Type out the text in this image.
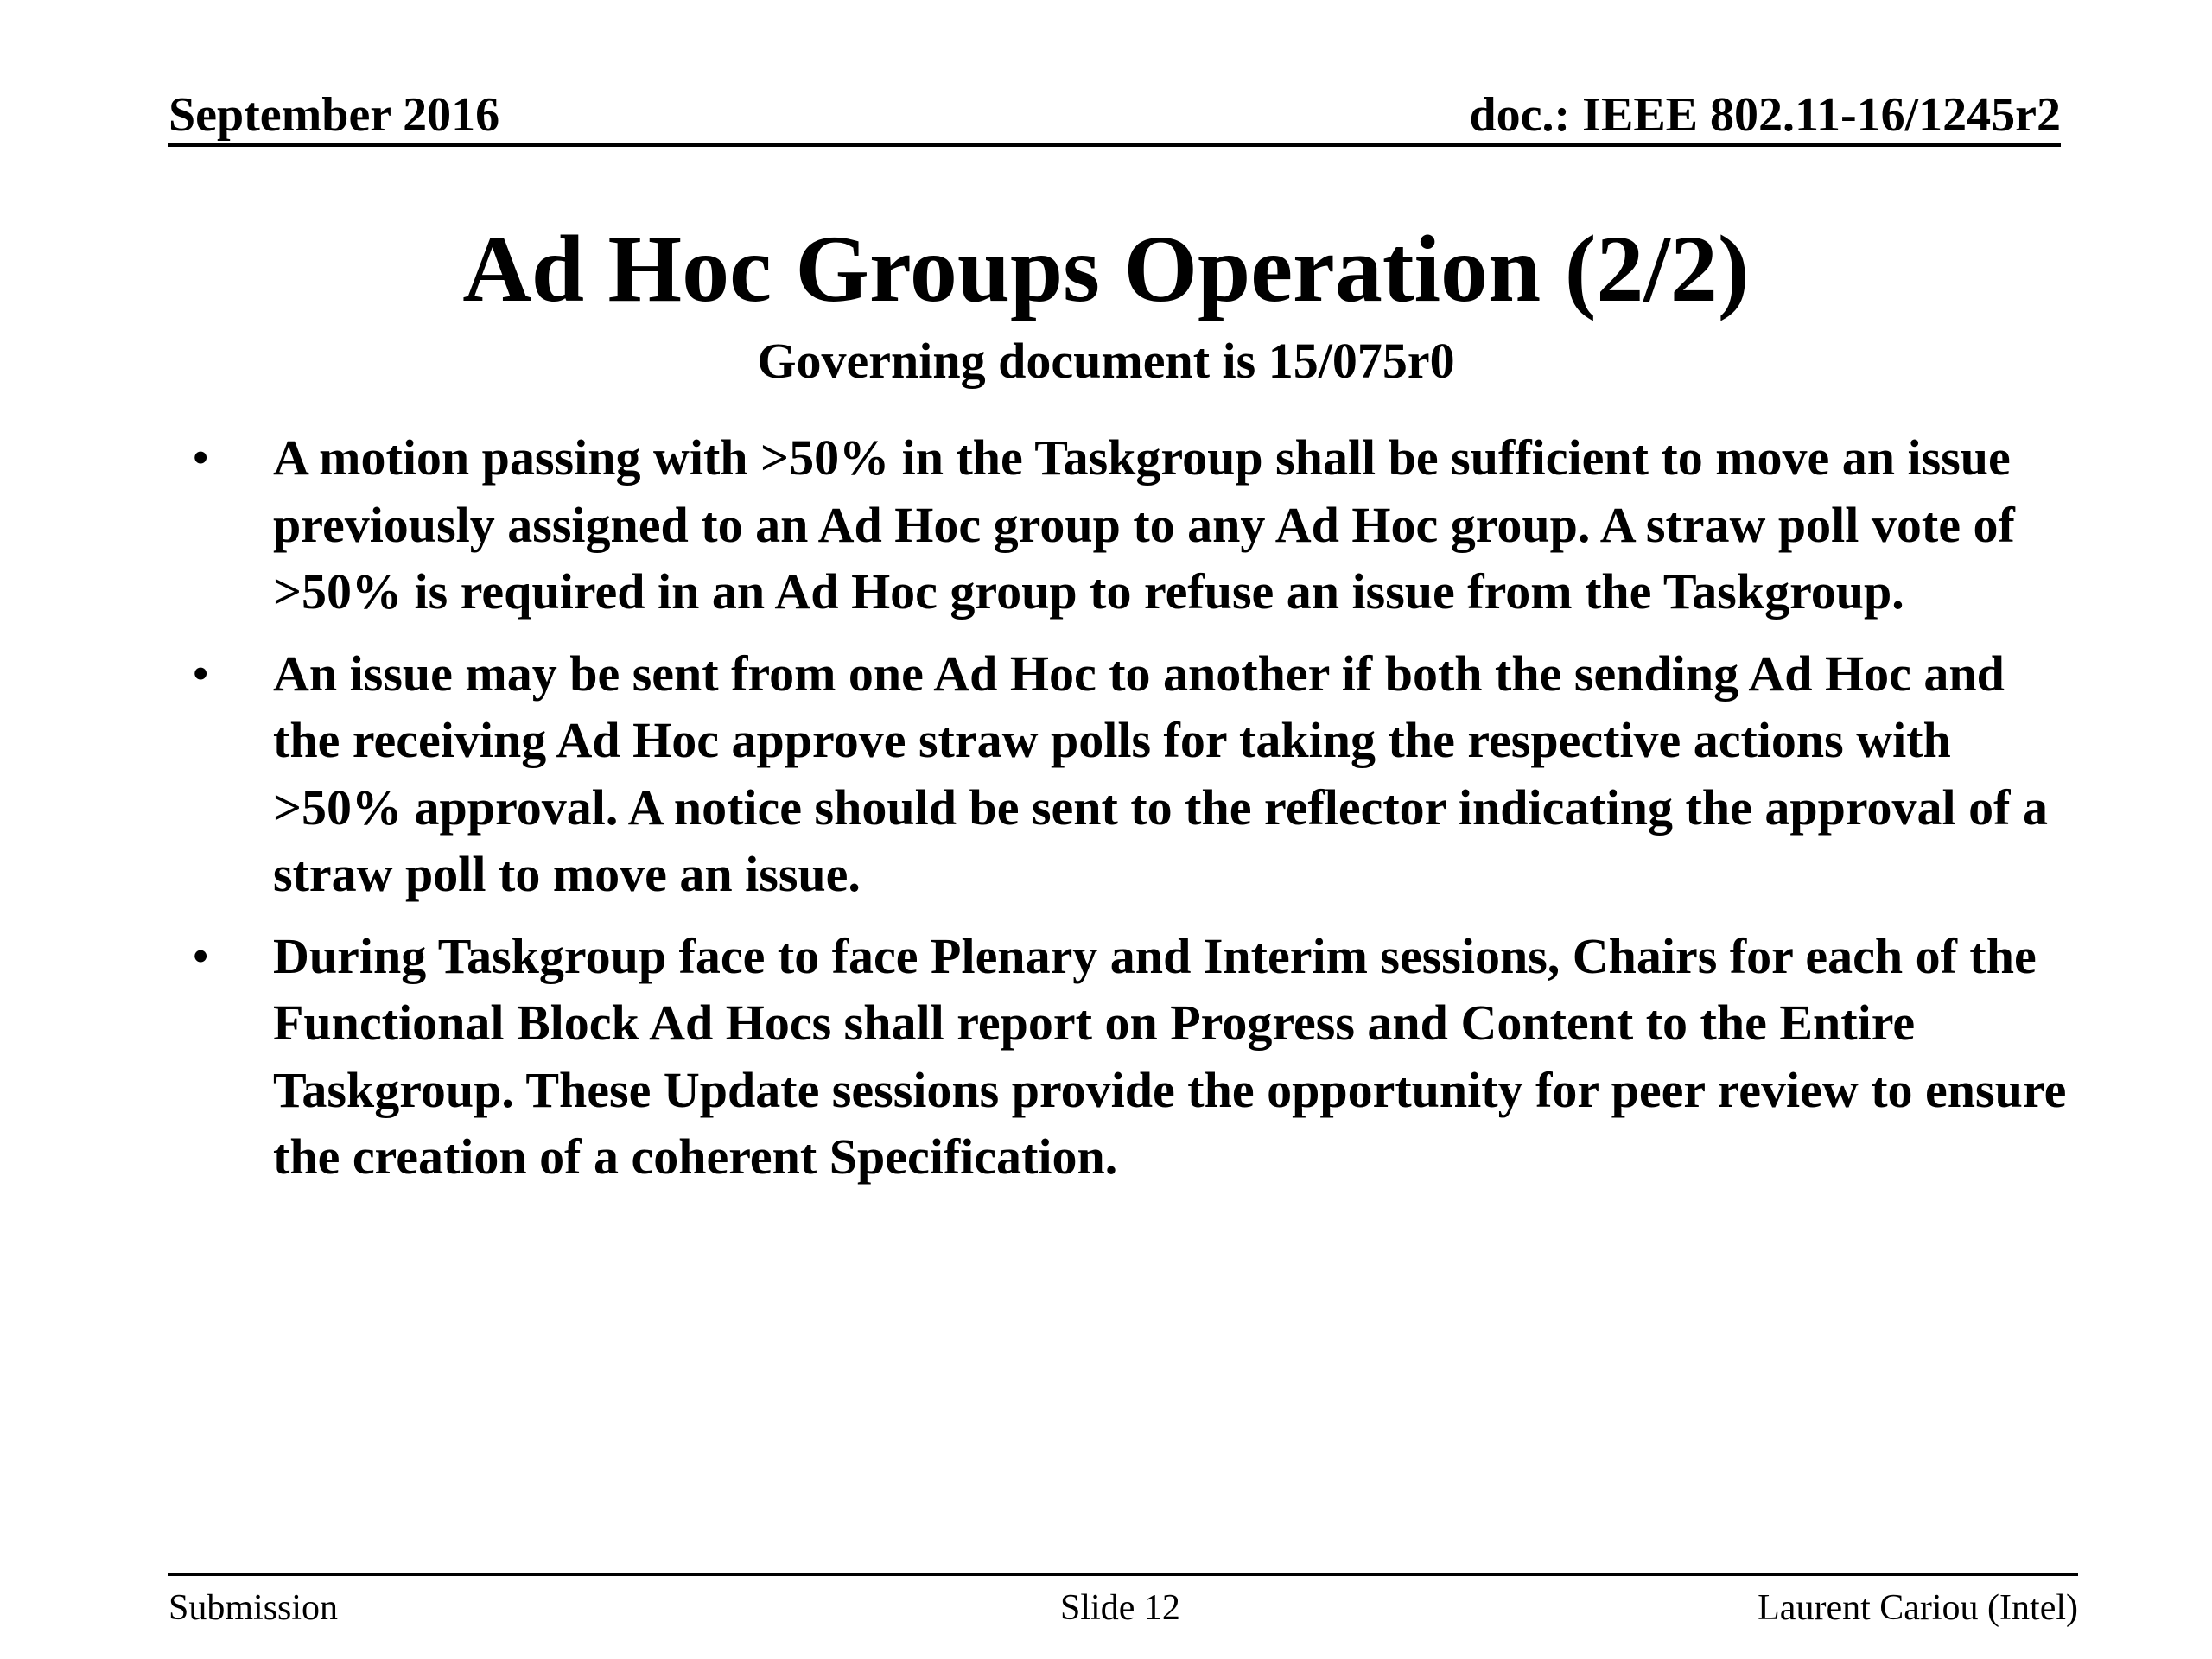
September 2016	doc.: IEEE 802.11-16/1245r2
Ad Hoc Groups Operation (2/2)
Governing document is 15/075r0
• A motion passing with >50% in the Taskgroup shall be sufficient to move an issue previously assigned to an Ad Hoc group to any Ad Hoc group. A straw poll vote of >50% is required in an Ad Hoc group to refuse an issue from the Taskgroup.
• An issue may be sent from one Ad Hoc to another if both the sending Ad Hoc and the receiving Ad Hoc approve straw polls for taking the respective actions with >50% approval. A notice should be sent to the reflector indicating the approval of a straw poll to move an issue.
• During Taskgroup face to face Plenary and Interim sessions, Chairs for each of the Functional Block Ad Hocs shall report on Progress and Content to the Entire Taskgroup. These Update sessions provide the opportunity for peer review to ensure the creation of a coherent Specification.
Submission	Slide 12	Laurent Cariou (Intel)
